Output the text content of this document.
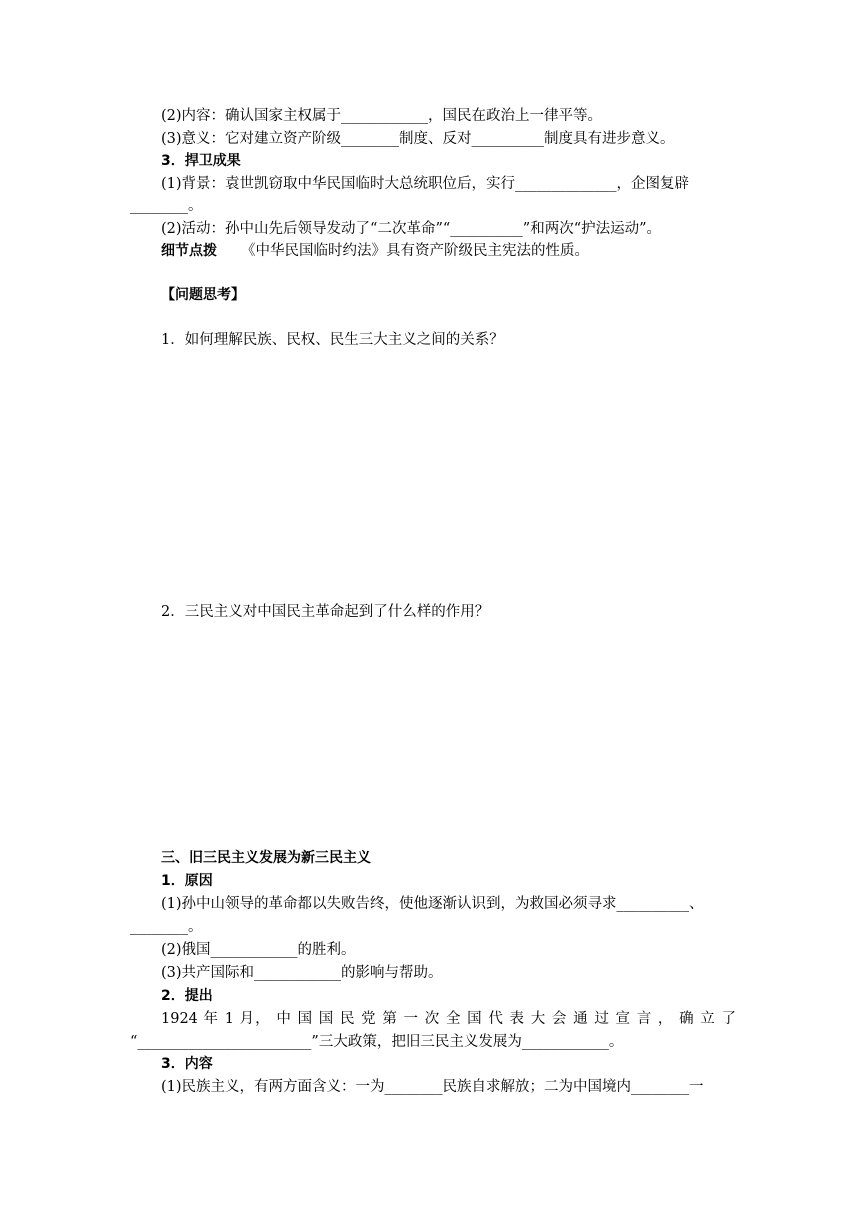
(2)内容：确认国家主权属于____________，国民在政治上一律平等。
(3)意义：它对建立资产阶级________制度、反对__________制度具有进步意义。
3．捍卫成果
(1)背景：袁世凯窃取中华民国临时大总统职位后，实行______________，企图复辟
________。
(2)活动：孙中山先后领导发动了“二次革命”“__________”和两次“护法运动”。
细节点拨 《中华民国临时约法》具有资产阶级民主宪法的性质。
【问题思考】
1．如何理解民族、民权、民生三大主义之间的关系？
2．三民主义对中国民主革命起到了什么样的作用？
三、旧三民主义发展为新三民主义
1．原因
(1)孙中山领导的革命都以失败告终，使他逐渐认识到，为救国必须寻求__________、
________。
(2)俄国____________的胜利。
(3)共产国际和____________的影响与帮助。
2．提出
1924 年 1 月， 中 国 国 民 党 第 一 次 全 国 代 表 大 会 通 过 宣 言 ， 确 立 了
“________________________”三大政策，把旧三民主义发展为____________。
3．内容
(1)民族主义，有两方面含义：一为________民族自求解放；二为中国境内________一
